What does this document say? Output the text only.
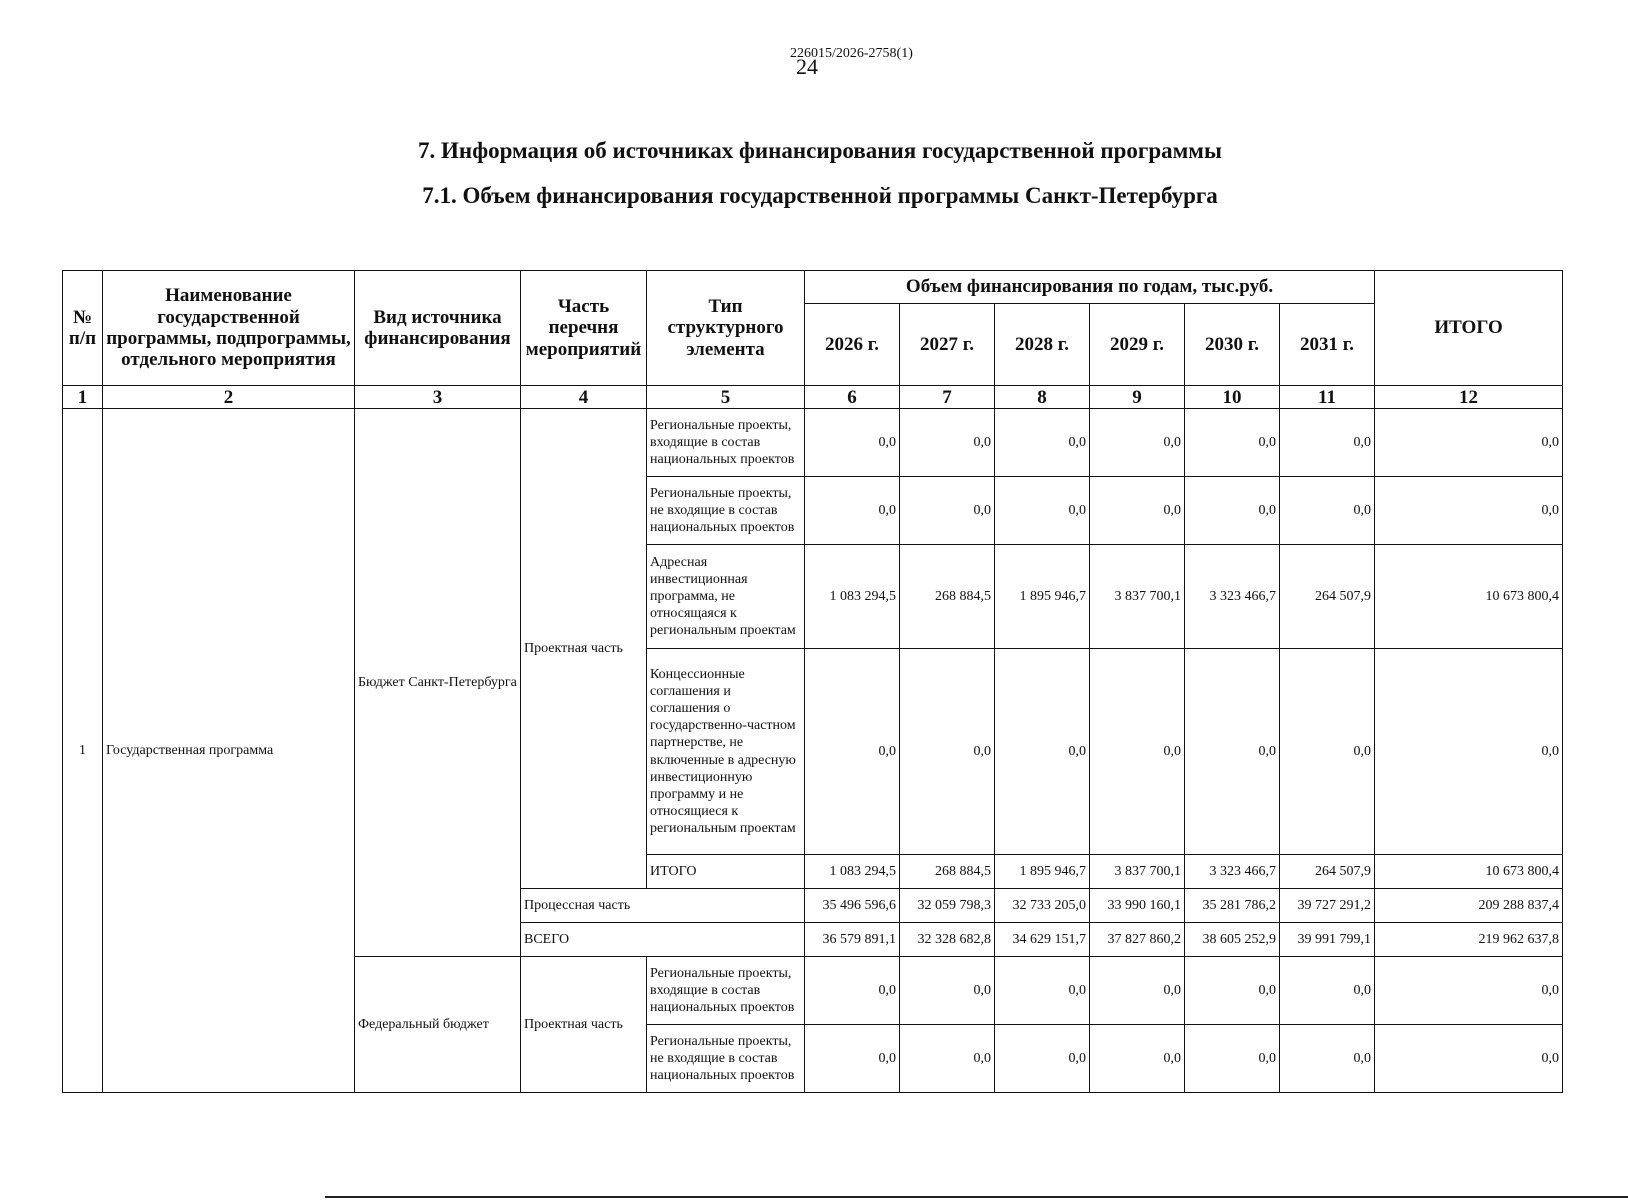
226015/2026-2758(1)
24
7. Информация об источниках финансирования государственной программы
7.1. Объем финансирования государственной программы Санкт-Петербурга
№ п/п	Наименование государственной программы, подпрограммы, отдельного мероприятия	Вид источника финансирования	Часть перечня мероприятий	Тип структурного элемента	Объем финансирования по годам, тыс.руб.						ИТОГО
					2026 г.	2027 г.	2028 г.	2029 г.	2030 г.	2031 г.	
1	2	3	4	5	6	7	8	9	10	11	12
1	Государственная программа	Бюджет Санкт-Петербурга	Проектная часть	Региональные проекты, входящие в состав национальных проектов	0,0	0,0	0,0	0,0	0,0	0,0	0,0
				Региональные проекты, не входящие в состав национальных проектов	0,0	0,0	0,0	0,0	0,0	0,0	0,0
				Адресная инвестиционная программа, не относящаяся к региональным проектам	1 083 294,5	268 884,5	1 895 946,7	3 837 700,1	3 323 466,7	264 507,9	10 673 800,4
				Концессионные соглашения и соглашения о государственно-частном партнерстве, не включенные в адресную инвестиционную программу и не относящиеся к региональным проектам	0,0	0,0	0,0	0,0	0,0	0,0	0,0
				ИТОГО	1 083 294,5	268 884,5	1 895 946,7	3 837 700,1	3 323 466,7	264 507,9	10 673 800,4
			Процессная часть		35 496 596,6	32 059 798,3	32 733 205,0	33 990 160,1	35 281 786,2	39 727 291,2	209 288 837,4
			ВСЕГО		36 579 891,1	32 328 682,8	34 629 151,7	37 827 860,2	38 605 252,9	39 991 799,1	219 962 637,8
		Федеральный бюджет	Проектная часть	Региональные проекты, входящие в состав национальных проектов	0,0	0,0	0,0	0,0	0,0	0,0	0,0
				Региональные проекты, не входящие в состав национальных проектов	0,0	0,0	0,0	0,0	0,0	0,0	0,0
